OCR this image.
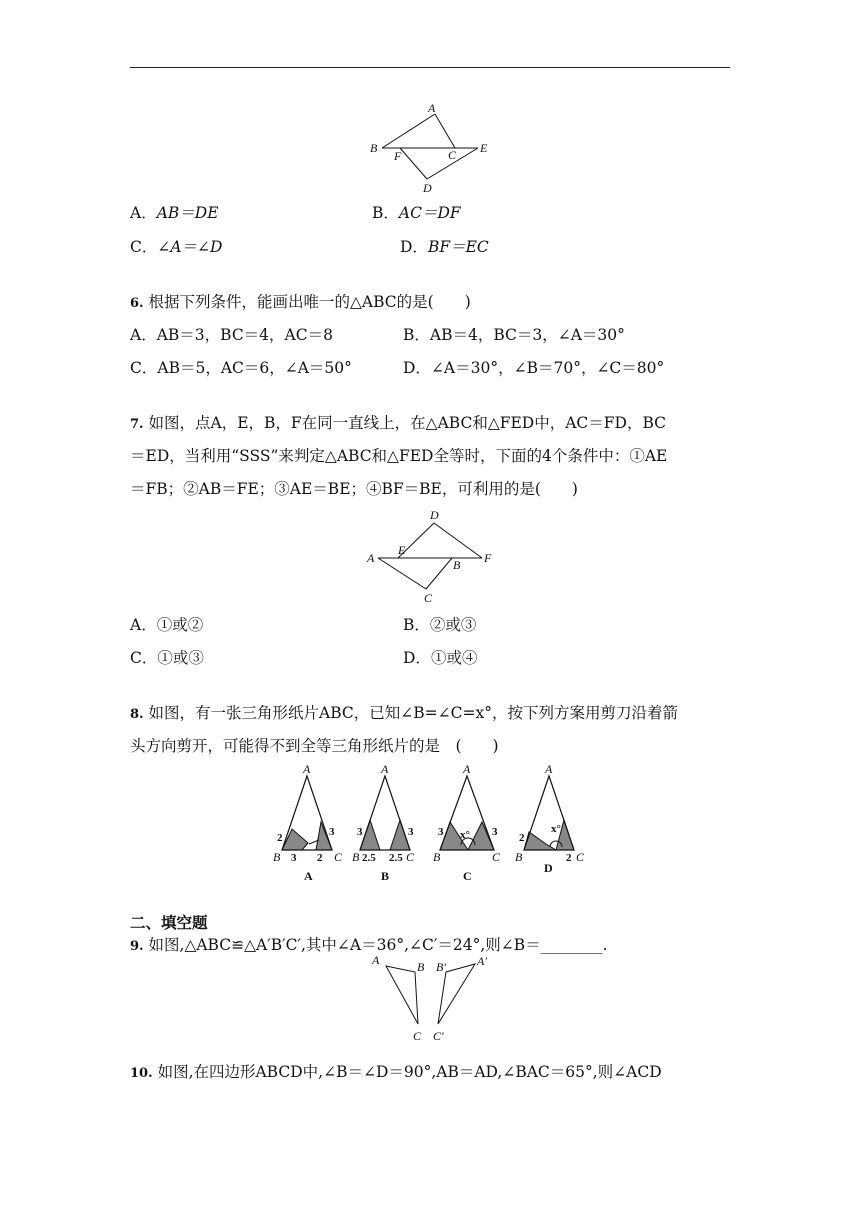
A
B
F	C E
D
A．AB＝DE	B．AC＝DF
C．∠A＝∠D	D．BF＝EC
6. 根据下列条件，能画出唯一的△ABC的是(　　)
A．AB＝3，BC＝4，AC＝8	B．AB＝4，BC＝3，∠A＝30°
C．AB＝5，AC＝6，∠A＝50°	D．∠A＝30°，∠B＝70°，∠C＝80°
7. 如图，点A，E，B，F在同一直线上，在△ABC和△FED中，AC＝FD，BC
＝ED，当利用“SSS”来判定△ABC和△FED全等时，下面的4个条件中：①AE
＝FB；②AB＝FE；③AE＝BE；④BF＝BE，可利用的是(　　)
D
A
E
F
B
C
A．①或②	B．②或③
C．①或③	D．①或④
8. 如图，有一张三角形纸片ABC，已知∠B=∠C=x°，按下列方案用剪刀沿着箭
头方向剪开，可能得不到全等三角形纸片的是　(　　)
A
B	C
2
3 2
3
A
A
B	C
3	3
2.5 2.5
B
A
B	C
3	3
x°
C
A
B	C
2
x°
2
D
二、填空题
9. 如图,△ABC≌△A′B′C′,其中∠A＝36°,∠C′＝24°,则∠B＝________.
A	B
C
B′	A′
C′
10. 如图,在四边形ABCD中,∠B＝∠D＝90°,AB＝AD,∠BAC＝65°,则∠ACD
